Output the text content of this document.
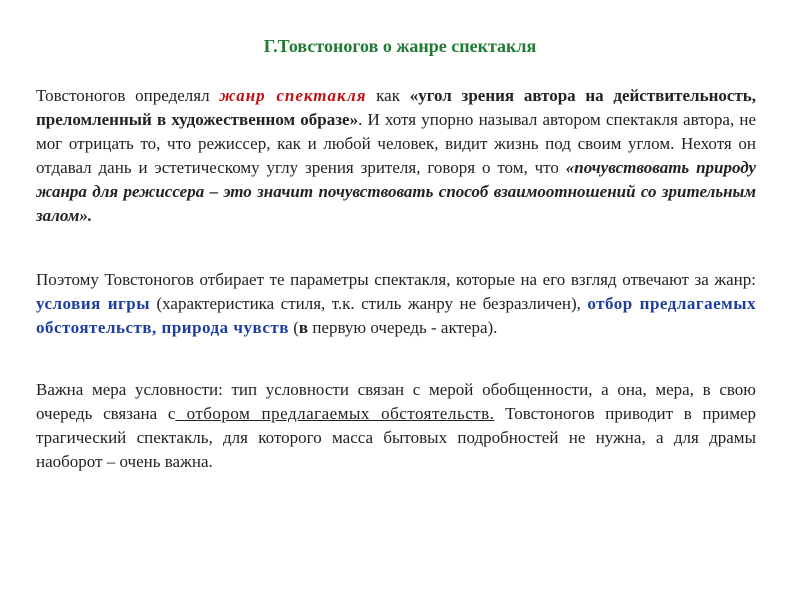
Г.Товстоногов о жанре спектакля
Товстоногов определял жанр спектакля как «угол зрения автора на действительность, преломленный в художественном образе». И хотя упорно называл автором спектакля автора, не мог отрицать то, что режиссер, как и любой человек, видит жизнь под своим углом. Нехотя он отдавал дань и эстетическому углу зрения зрителя, говоря о том, что «почувствовать природу жанра для режиссера – это значит почувствовать способ взаимоотношений со зрительным залом».
Поэтому Товстоногов отбирает те параметры спектакля, которые на его взгляд отвечают за жанр: условия игры (характеристика стиля, т.к. стиль жанру не безразличен), отбор предлагаемых обстоятельств, природа чувств (в первую очередь - актера).
Важна мера условности: тип условности связан с мерой обобщенности, а она, мера, в свою очередь связана с отбором предлагаемых обстоятельств. Товстоногов приводит в пример трагический спектакль, для которого масса бытовых подробностей не нужна, а для драмы наоборот – очень важна.
